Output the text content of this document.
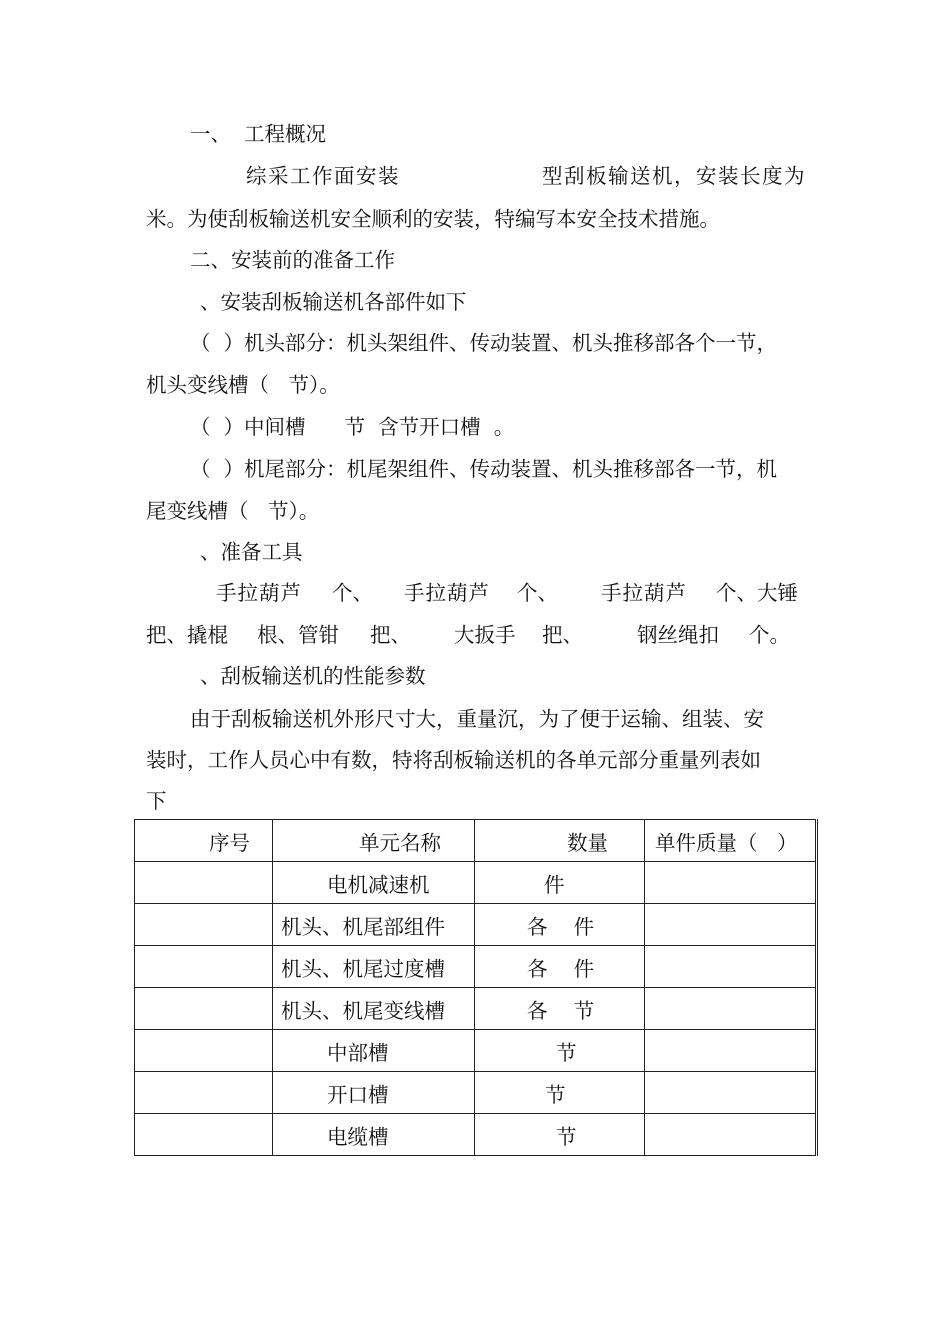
一、  工程概况
综采工作面安装	型刮板输送机，安装长度为
米。为使刮板输送机安全顺利的安装，特编写本安全技术措施。
二、安装前的准备工作
、安装刮板输送机各部件如下
（  ）机头部分：机头架组件、传动装置、机头推移部各个一节，
机头变线槽（   节）。
（  ）中间槽      节  含节开口槽  。
（  ）机尾部分：机尾架组件、传动装置、机头推移部各一节，机
尾变线槽（   节）。
、准备工具
手拉葫芦 个、 手拉葫芦 个、 手拉葫芦 个、大锤
把、撬棍 根、管钳 把、 大扳手 把、	钢丝绳扣 个。
、刮板输送机的性能参数
由于刮板输送机外形尺寸大，重量沉，为了便于运输、组装、安
装时，工作人员心中有数，特将刮板输送机的各单元部分重量列表如
下
序号	单元名称	数量	单件质量（   ）

	电机减速机	件	

	机头、机尾部组件	各    件	

	机头、机尾过度槽	各    件	

	机头、机尾变线槽	各    节	

	中部槽	节	

	开口槽	节	

	电缆槽	节	
